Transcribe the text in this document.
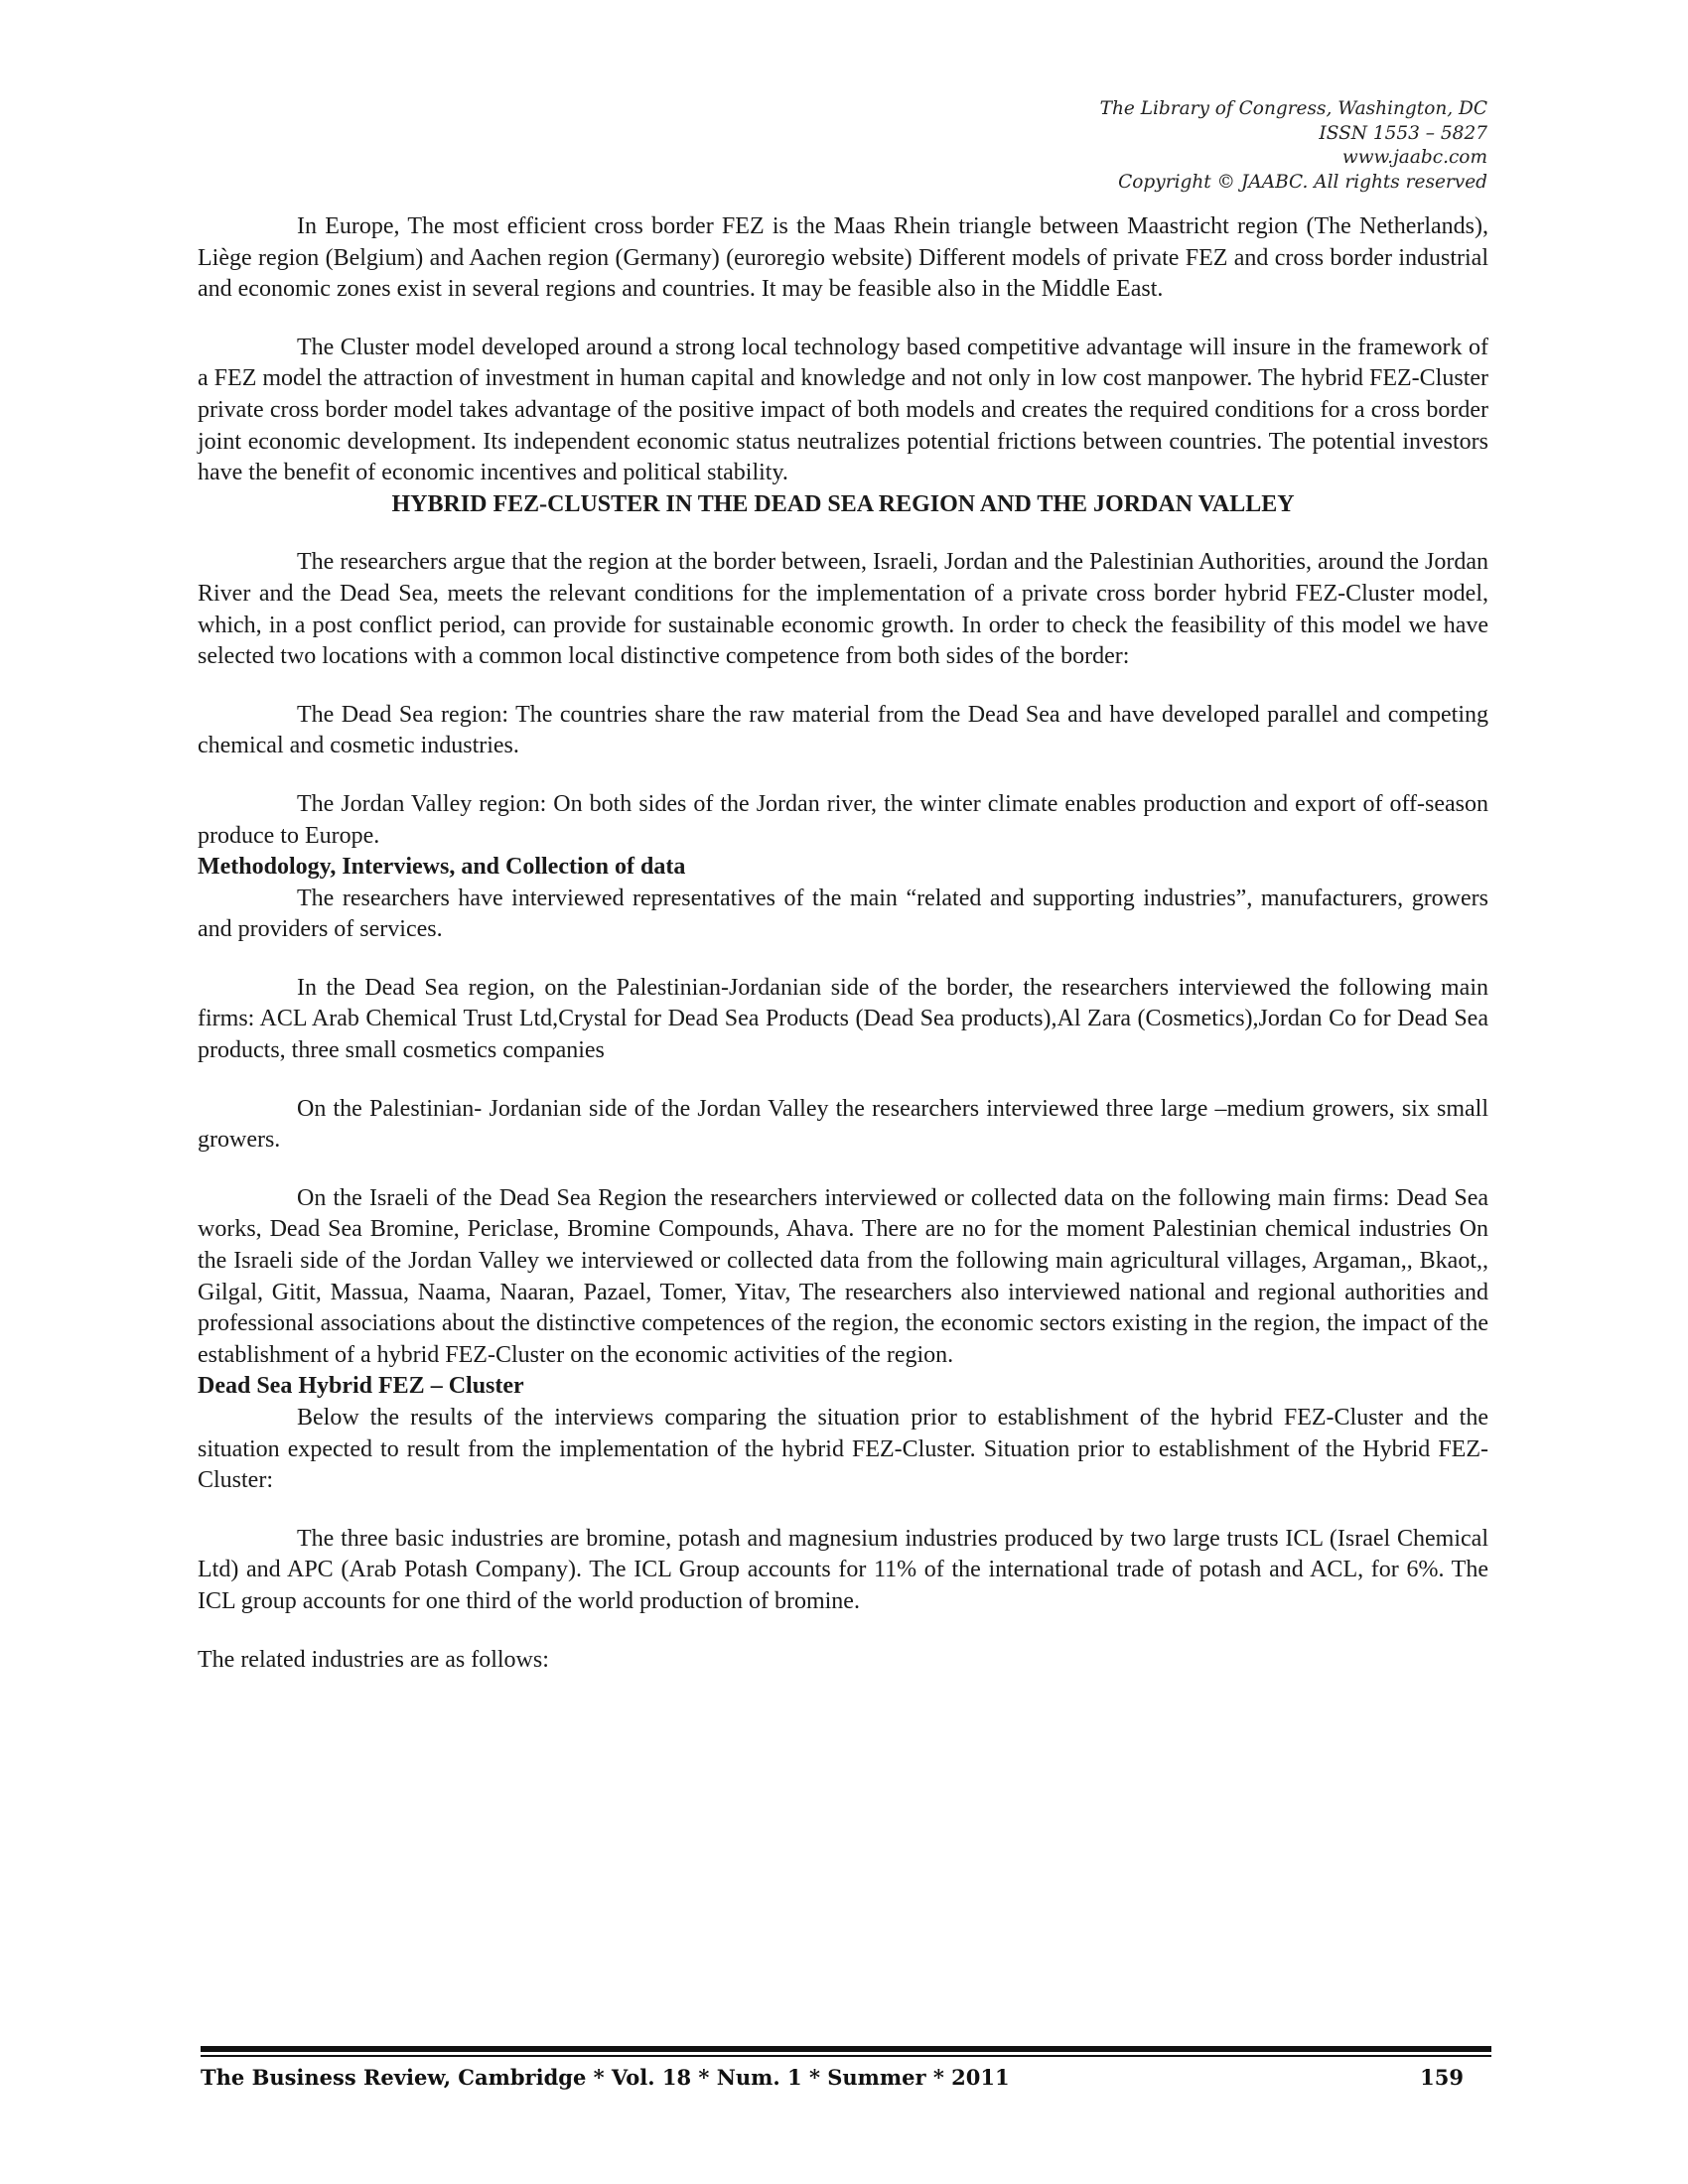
The Library of Congress, Washington, DC
ISSN 1553 – 5827
www.jaabc.com
Copyright © JAABC. All rights reserved

In Europe, The most efficient cross border FEZ is the Maas Rhein triangle between Maastricht region (The Netherlands), Liège region (Belgium) and Aachen region (Germany) (euroregio website) Different models of private FEZ and cross border industrial and economic zones exist in several regions and countries. It may be feasible also in the Middle East.

The Cluster model developed around a strong local technology based competitive advantage will insure in the framework of a FEZ model the attraction of investment in human capital and knowledge and not only in low cost manpower. The hybrid FEZ-Cluster private cross border model takes advantage of the positive impact of both models and creates the required conditions for a cross border joint economic development. Its independent economic status neutralizes potential frictions between countries. The potential investors have the benefit of economic incentives and political stability.

HYBRID FEZ-CLUSTER IN THE DEAD SEA REGION AND THE JORDAN VALLEY

The researchers argue that the region at the border between, Israeli, Jordan and the Palestinian Authorities, around the Jordan River and the Dead Sea, meets the relevant conditions for the implementation of a private cross border hybrid FEZ-Cluster model, which, in a post conflict period, can provide for sustainable economic growth. In order to check the feasibility of this model we have selected two locations with a common local distinctive competence from both sides of the border:

The Dead Sea region: The countries share the raw material from the Dead Sea and have developed parallel and competing chemical and cosmetic industries.

The Jordan Valley region: On both sides of the Jordan river, the winter climate enables production and export of off-season produce to Europe.

Methodology, Interviews, and Collection of data

The researchers have interviewed representatives of the main “related and supporting industries”, manufacturers, growers and providers of services.

In the Dead Sea region, on the Palestinian-Jordanian side of the border, the researchers interviewed the following main firms: ACL Arab Chemical Trust Ltd,Crystal for Dead Sea Products (Dead Sea products),Al Zara (Cosmetics),Jordan Co for Dead Sea products, three small cosmetics companies

On the Palestinian- Jordanian side of the Jordan Valley the researchers interviewed three large –medium growers, six small growers.

On the Israeli of the Dead Sea Region the researchers interviewed or collected data on the following main firms: Dead Sea works, Dead Sea Bromine, Periclase, Bromine Compounds, Ahava. There are no for the moment Palestinian chemical industries On the Israeli side of the Jordan Valley we interviewed or collected data from the following main agricultural villages, Argaman,, Bkaot,, Gilgal, Gitit, Massua, Naama, Naaran, Pazael, Tomer, Yitav, The researchers also interviewed national and regional authorities and professional associations about the distinctive competences of the region, the economic sectors existing in the region, the impact of the establishment of a hybrid FEZ-Cluster on the economic activities of the region.

Dead Sea Hybrid FEZ – Cluster

Below the results of the interviews comparing the situation prior to establishment of the hybrid FEZ-Cluster and the situation expected to result from the implementation of the hybrid FEZ-Cluster. Situation prior to establishment of the Hybrid FEZ-Cluster:

The three basic industries are bromine, potash and magnesium industries produced by two large trusts ICL (Israel Chemical Ltd) and APC (Arab Potash Company). The ICL Group accounts for 11% of the international trade of potash and ACL, for 6%. The ICL group accounts for one third of the world production of bromine.

The related industries are as follows:

The Business Review, Cambridge * Vol. 18 * Num. 1 * Summer * 2011	159
